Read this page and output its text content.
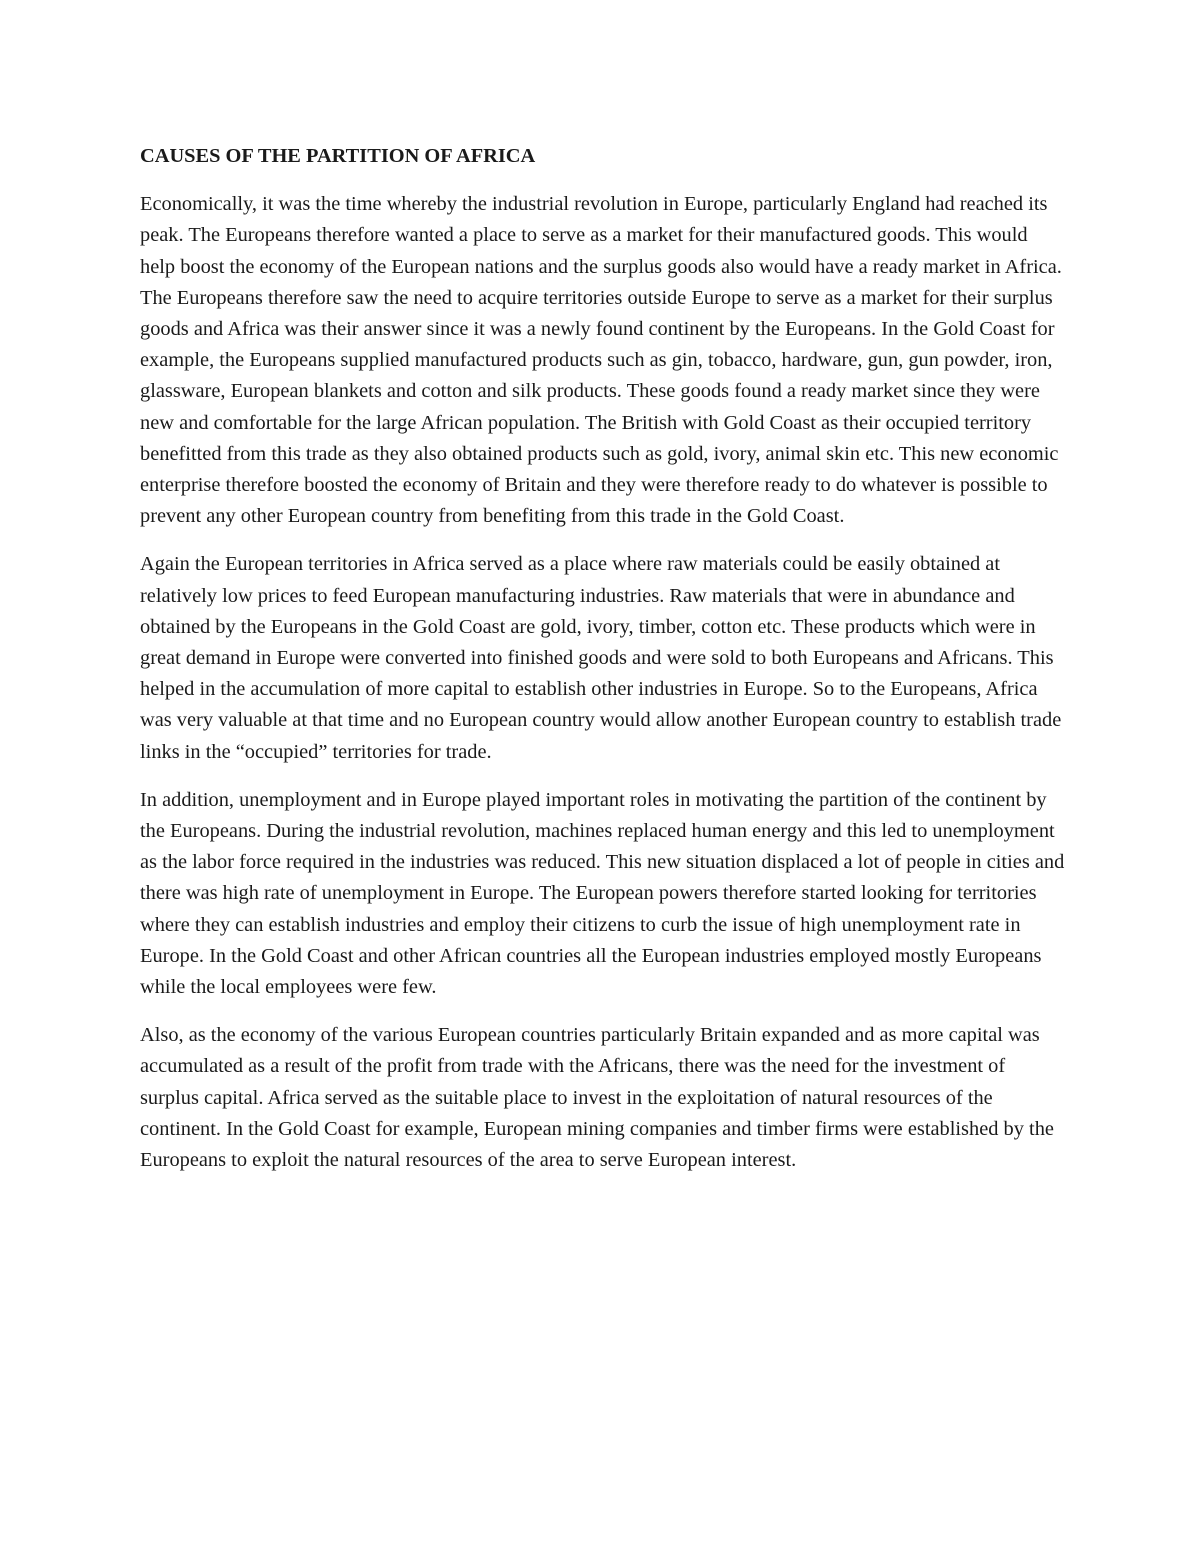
CAUSES OF THE PARTITION OF AFRICA

Economically, it was the time whereby the industrial revolution in Europe, particularly England had reached its peak. The Europeans therefore wanted a place to serve as a market for their manufactured goods. This would help boost the economy of the European nations and the surplus goods also would have a ready market in Africa. The Europeans therefore saw the need to acquire territories outside Europe to serve as a market for their surplus goods and Africa was their answer since it was a newly found continent by the Europeans. In the Gold Coast for example, the Europeans supplied manufactured products such as gin, tobacco, hardware, gun, gun powder, iron, glassware, European blankets and cotton and silk products. These goods found a ready market since they were new and comfortable for the large African population. The British with Gold Coast as their occupied territory benefitted from this trade as they also obtained products such as gold, ivory, animal skin etc. This new economic enterprise therefore boosted the economy of Britain and they were therefore ready to do whatever is possible to prevent any other European country from benefiting from this trade in the Gold Coast.

Again the European territories in Africa served as a place where raw materials could be easily obtained at relatively low prices to feed European manufacturing industries. Raw materials that were in abundance and obtained by the Europeans in the Gold Coast are gold, ivory, timber, cotton etc. These products which were in great demand in Europe were converted into finished goods and were sold to both Europeans and Africans. This helped in the accumulation of more capital to establish other industries in Europe. So to the Europeans, Africa was very valuable at that time and no European country would allow another European country to establish trade links in the “occupied” territories for trade.

In addition, unemployment and in Europe played important roles in motivating the partition of the continent by the Europeans. During the industrial revolution, machines replaced human energy and this led to unemployment as the labor force required in the industries was reduced. This new situation displaced a lot of people in cities and there was high rate of unemployment in Europe. The European powers therefore started looking for territories where they can establish industries and employ their citizens to curb the issue of high unemployment rate in Europe. In the Gold Coast and other African countries all the European industries employed mostly Europeans while the local employees were few.

Also, as the economy of the various European countries particularly Britain expanded and as more capital was accumulated as a result of the profit from trade with the Africans, there was the need for the investment of surplus capital. Africa served as the suitable place to invest in the exploitation of natural resources of the continent. In the Gold Coast for example, European mining companies and timber firms were established by the Europeans to exploit the natural resources of the area to serve European interest.
